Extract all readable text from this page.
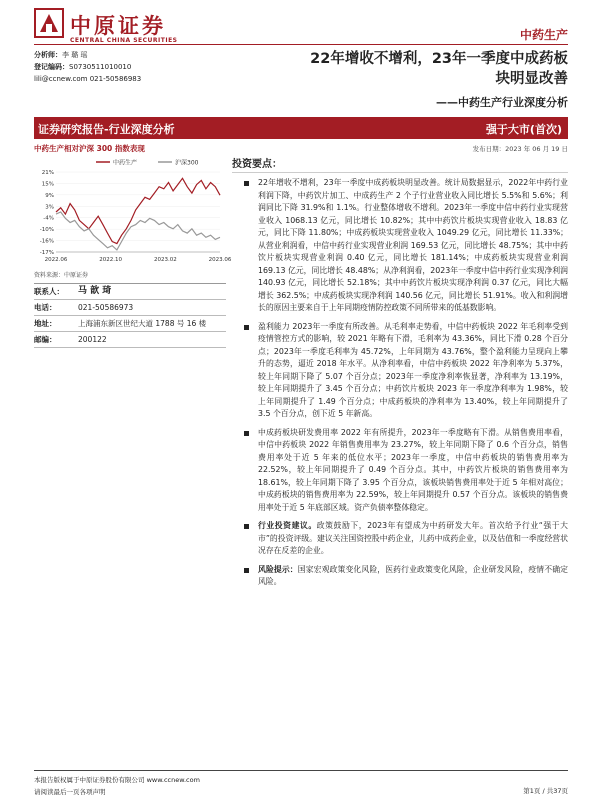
中原证券
CENTRAL CHINA SECURITIES	中药生产
分析师：李 璐 瑶
登记编码：S0730511010010
lili@ccnew.com 021-50586983
22年增收不增利，23年一季度中成药板
块明显改善
——中药生产行业深度分析
证券研究报告-行业深度分析	强于大市(首次)
中药生产相对沪深 300 指数表现
中药生产	沪深300
21%
15%
9%
3%
-4%
-10%
-16%
-17%
2022.06	2022.10	2023.02	2023.06
资料来源：中原证券
联系人：	马 歆 琦
电话：	021-50586973
地址：	上海浦东新区世纪大道 1788 号 16 楼
邮编：	200122
发布日期：2023 年 06 月 19 日
投资要点：
22年增收不增利，23年一季度中成药板块明显改善。统计局数据显示，2022年中药行业利润下降，中药饮片加工、中成药生产 2 个子行业营业收入同比增长 5.5%和 5.6%；利润同比下降 31.9%和 1.1%。行业整体增收不增利。2023年一季度中信中药行业实现营业收入 1068.13 亿元，同比增长 10.82%；其中中药饮片板块实现营业收入 18.83 亿元，同比下降 11.80%；中成药板块实现营业收入 1049.29 亿元，同比增长 11.33%；从营业利润看，中信中药行业实现营业利润 169.53 亿元，同比增长 48.75%；其中中药饮片板块实现营业利润 0.40 亿元，同比增长 181.14%；中成药板块实现营业利润 169.13 亿元，同比增长 48.48%；从净利润看，2023年一季度中信中药行业实现净利润 140.93 亿元，同比增长 52.18%；其中中药饮片板块实现净利润 0.37 亿元，同比大幅增长 362.5%；中成药板块实现净利润 140.56 亿元，同比增长 51.91%。收入和利润增长的原因主要来自于上年同期疫情防控政策不同所带来的低基数影响。
盈利能力 2023年一季度有所改善。从毛利率走势看，中信中药板块 2022 年毛利率受到疫情管控方式的影响，较 2021 年略有下滑，毛利率为 43.36%，同比下滑 0.28 个百分点；2023年一季度毛利率为 45.72%，上年同期为 43.76%，整个盈利能力呈现向上攀升的态势，逼近 2018 年水平。从净利率看，中信中药板块 2022 年净利率为 5.37%，较上年同期下降了 5.07 个百分点；2023年一季度净利率恢显著，净利率为 13.19%，较上年同期提升了 3.45 个百分点；中药饮片板块 2023 年一季度净利率为 1.98%，较上年同期提升了 1.49 个百分点；中成药板块的净利率为 13.40%，较上年同期提升了 3.5 个百分点，创下近 5 年新高。
中成药板块研发费用率 2022 年有所提升，2023年一季度略有下滑。从销售费用率看，中信中药板块 2022 年销售费用率为 23.27%，较上年同期下降了 0.6 个百分点，销售费用率处于近 5 年来的低位水平；2023年一季度，中信中药板块的销售费用率为 22.52%，较上年同期提升了 0.49 个百分点。其中，中药饮片板块的销售费用率为 18.61%，较上年同期下降了 3.95 个百分点，该板块销售费用率处于近 5 年相对高位；中成药板块的销售费用率为 22.59%，较上年同期提升 0.57 个百分点。该板块的销售费用率处于近 5 年底部区域。资产负债率整体稳定。
行业投资建议。政策鼓励下，2023年有望成为中药研发大年。首次给予行业“强于大市”的投资评级。建议关注国资控股中药企业，儿药中成药企业，以及估值和一季度经营状况存在反差的企业。
风险提示：国家宏观政策变化风险，医药行业政策变化风险，企业研发风险，疫情不确定风险。
本报告版权属于中原证券股份有限公司 www.ccnew.com
请阅读最后一页各项声明	第1页 / 共37页
